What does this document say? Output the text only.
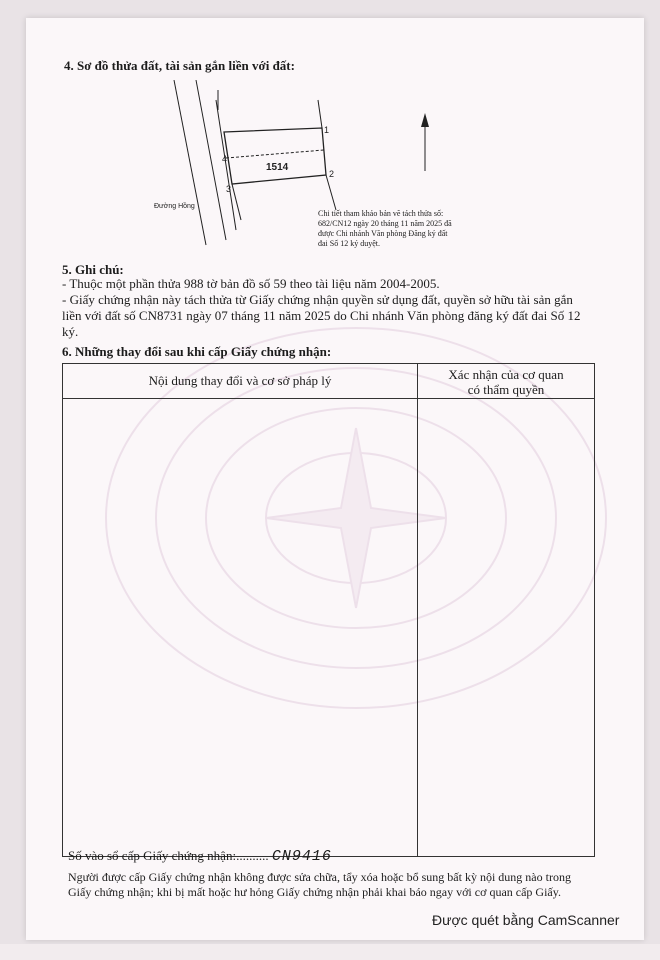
4. Sơ đồ thửa đất, tài sản gắn liền với đất:
1
2
3
4
1514
Đường Hồng
Chi tiết tham khảo bản vẽ tách thửa số:
682/CN12 ngày 20 tháng 11 năm 2025 đã
được Chi nhánh Văn phòng Đăng ký đất
đai Số 12 ký duyệt.
5. Ghi chú:
- Thuộc một phần thửa 988 tờ bản đồ số 59 theo tài liệu năm 2004-2005.
- Giấy chứng nhận này tách thửa từ Giấy chứng nhận quyền sử dụng đất, quyền sở hữu tài sản gắn
liền với đất số CN8731 ngày 07 tháng 11 năm 2025 do Chi nhánh Văn phòng đăng ký đất đai Số 12
ký.
6. Những thay đổi sau khi cấp Giấy chứng nhận:
Nội dung thay đổi và cơ sở pháp lý	Xác nhận của cơ quan
có thẩm quyền

Số vào sổ cấp Giấy chứng nhận:.......... CN9416
Người được cấp Giấy chứng nhận không được sửa chữa, tẩy xóa hoặc bổ sung bất kỳ nội dung nào trong
Giấy chứng nhận; khi bị mất hoặc hư hỏng Giấy chứng nhận phải khai báo ngay với cơ quan cấp Giấy.
Được quét bằng CamScanner
